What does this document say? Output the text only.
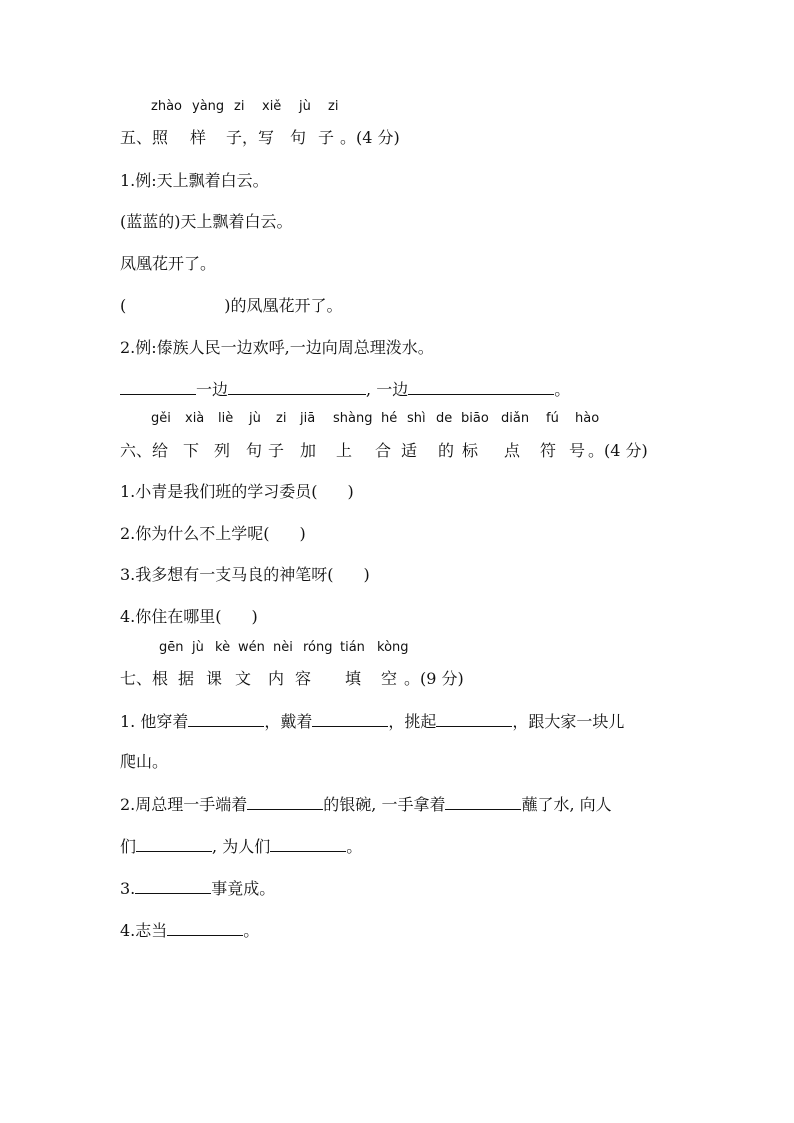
zhào yàng zi xiě jù zi
五、 照 样 子 ，写 句 子 。(4 分)
1.例:天上飘着白云。
(蓝蓝的)天上飘着白云。
凤凰花开了。
(	)的凤凰花开了。
2.例:傣族人民一边欢呼,一边向周总理泼水。
一边	, 一边	。
gěi xià liè jù zi jiā shàng hé shì de biāo diǎn fú hào
六、 给 下 列 句 子 加 上 合 适 的 标 点 符 号 。(4 分)
1.小青是我们班的学习委员( )
2.你为什么不上学呢( )
3.我多想有一支马良的神笔呀( )
4.你住在哪里( )
gēn jù kè wén nèi róng tián kòng
七、 根 据 课 文 内 容 填 空 。(9 分)
1. 他穿着	，戴着	，挑起	，跟大家一块儿
爬山。
2.周总理一手端着	的银碗, 一手拿着	蘸了水, 向人
们	, 为人们	。
3.	事竟成。
4.志当	。
